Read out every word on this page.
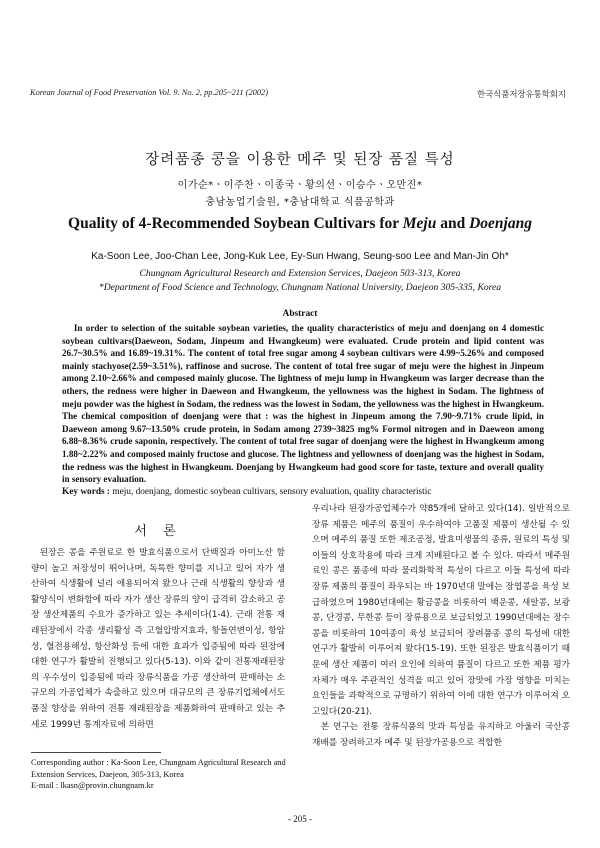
Korean Journal of Food Preservation Vol. 9. No. 2, pp.205~211 (2002)	한국식품저장유통학회지
장려품종 콩을 이용한 메주 및 된장 품질 특성
이가순*ㆍ이주찬ㆍ이종국ㆍ황의선ㆍ이승수ㆍ오만진*
충남농업기술원, *충남대학교 식품공학과
Quality of 4-Recommended Soybean Cultivars for Meju and Doenjang
Ka-Soon Lee, Joo-Chan Lee, Jong-Kuk Lee, Ey-Sun Hwang, Seung-soo Lee and Man-Jin Oh*
Chungnam Agricultural Research and Extension Services, Daejeon 503-313, Korea
*Department of Food Science and Technology, Chungnam National University, Daejeon 305-335, Korea
Abstract

In order to selection of the suitable soybean varieties, the quality characteristics of meju and doenjang on 4 domestic soybean cultivars(Daeweon, Sodam, Jinpeum and Hwangkeum) were evaluated. Crude protein and lipid content was 26.7~30.5% and 16.89~19.31%. The content of total free sugar among 4 soybean cultivars were 4.99~5.26% and composed mainly stachyose(2.59~3.51%), raffinose and sucrose. The content of total free sugar of meju were the highest in Jinpeum among 2.10~2.66% and composed mainly glucose. The lightness of meju lump in Hwangkeum was larger decrease than the others, the redness were higher in Daeweon and Hwangkeum, the yellowness was the highest in Sodam. The lightness of meju powder was the highest in Sodam, the redness was the lowest in Sodam, the yellowness was the highest in Hwangkeum. The chemical composition of doenjang were that : was the highest in Jinpeum among the 7.90~9.71% crude lipid, in Daeweon among 9.67~13.50% crude protein, in Sodam among 2739~3825 mg% Formol nitrogen and in Daeweon among 6.88~8.36% crude saponin, respectively. The content of total free sugar of doenjang were the highest in Hwangkeum among 1.88~2.22% and composed mainly fructose and glucose. The lightness and yellowness of doenjang was the highest in Sodam, the redness was the highest in Hwangkeum. Doenjang by Hwangkeum had good score for taste, texture and overall quality in sensory evaluation.

Key words : meju, doenjang, domestic soybean cultivars, sensory evaluation, quality characteristic
서 론

된장은 콩을 주원료로 한 발효식품으로서 단백질과 아미노산 함량이 높고 저장성이 뛰어나며, 독특한 향미를 지니고 있어 자가 생산하여 식생활에 널리 애용되어져 왔으나 근래 식생활의 향상과 생활양식이 변화함에 따라 자가 생산 장류의 양이 급격히 감소하고 공장 생산제품의 수요가 증가하고 있는 추세이다(1-4). 근래 전통 재래된장에서 각종 생리활성 즉 고혈압방지효과, 항돌연변이성, 항암성, 혈전용해성, 항산화성 등에 대한 효과가 입증됨에 따라 된장에 대한 연구가 활발히 진행되고 있다(5-13). 이와 같이 전통재래된장의 우수성이 입증됨에 따라 장류식품을 가공 생산하여 판매하는 소규모의 가공업체가 속출하고 있으며 대규모의 큰 장류기업체에서도 품질 향상을 위하여 전통 재래된장을 제품화하여 판매하고 있는 추세로 1999년 통계자료에 의하면

우리나라 된장가공업체수가 약85개에 달하고 있다(14). 일반적으로 장류 제품은 메주의 품질이 우수하여야 고품질 제품이 생산될 수 있으며 메주의 품질 또한 제조공정, 발효미생물의 종류, 원료의 특성 및 이들의 상호작용에 따라 크게 지배된다고 볼 수 있다. 따라서 메주원료인 콩은 품종에 따라 물리화학적 특성이 다르고 이들 특성에 따라 장류 제품의 품질이 좌우되는 바 1970년대 말에는 장엽콩을 육성 보급하였으며 1980년대에는 황금콩을 비롯하여 백운콩, 새알콩, 보광콩, 단경콩, 무한콩 등이 장류용으로 보급되었고 1990년대에는 장수콩을 비롯하여 10여종이 육성 보급되어 장려품종 콩의 특성에 대한 연구가 활발히 이루어져 왔다(15-19). 또한 된장은 발효식품이기 때문에 생산 제품이 여러 요인에 의하여 품질이 다르고 또한 제품 평가 자체가 매우 주관적인 성격을 띠고 있어 장맛에 가장 영향을 미치는 요인들을 과학적으로 규명하기 위하여 이에 대한 연구가 이루어져 오고있다(20-21).

본 연구는 전통 장류식품의 맛과 특성을 유지하고 아울러 국산콩 재배를 장려하고자 메주 및 된장가공용으로 적합한

Corresponding author : Ka-Soon Lee, Chungnam Agricultural Research and Extension Services, Daejeon, 305-313, Korea

E-mail : lkasn@provin.chungnam.kr

- 205 -
